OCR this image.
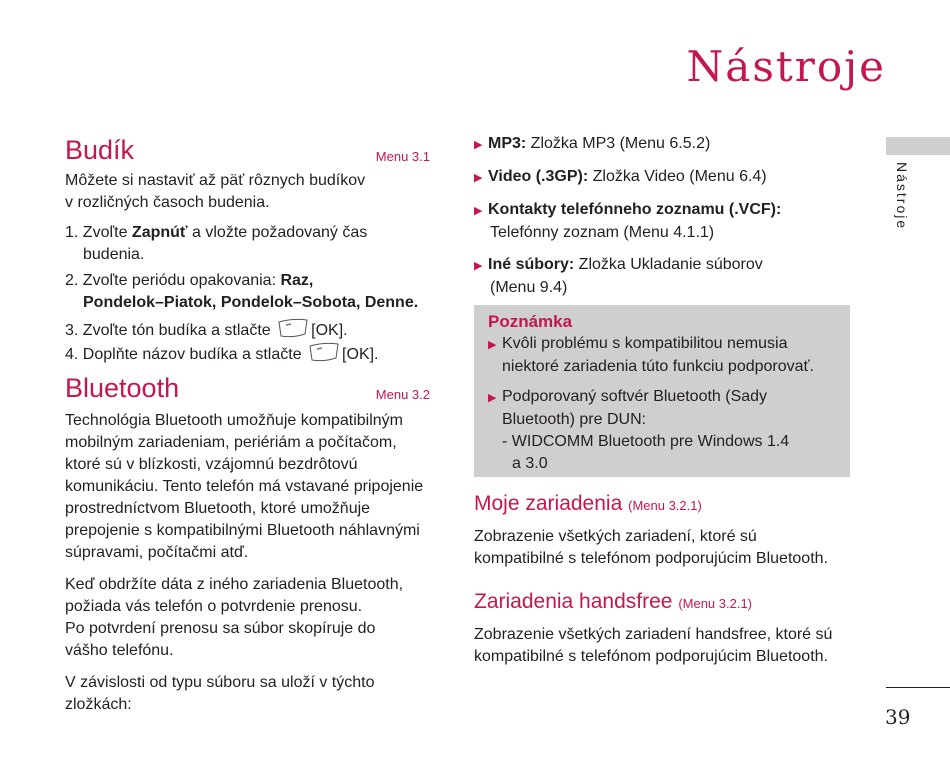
Nástroje
Nástroje
39
Budík	Menu 3.1

Môžete si nastaviť až päť rôznych budíkov

v rozličných časoch budenia.

1. Zvoľte Zapnúť a vložte požadovaný čas

budenia.

2. Zvoľte periódu opakovania: Raz,

Pondelok–Piatok, Pondelok–Sobota, Denne.

3. Zvoľte tón budíka a stlačte	[OK].

4. Doplňte názov budíka a stlačte	[OK].

Bluetooth	Menu 3.2

Technológia Bluetooth umožňuje kompatibilným

mobilným zariadeniam, periériám a počítačom,

ktoré sú v blízkosti, vzájomnú bezdrôtovú

komunikáciu. Tento telefón má vstavané pripojenie

prostredníctvom Bluetooth, ktoré umožňuje

prepojenie s kompatibilnými Bluetooth náhlavnými

súpravami, počítačmi atď.

Keď obdržíte dáta z iného zariadenia Bluetooth,

požiada vás telefón o potvrdenie prenosu.

Po potvrdení prenosu sa súbor skopíruje do

vášho telefónu.

V závislosti od typu súboru sa uloží v týchto

zložkách:

▶ MP3: Zložka MP3 (Menu 6.5.2)

▶ Video (.3GP): Zložka Video (Menu 6.4)

▶ Kontakty telefónneho zoznamu (.VCF):

Telefónny zoznam (Menu 4.1.1)

▶ Iné súbory: Zložka Ukladanie súborov

(Menu 9.4)

Poznámka

▶ Kvôli problému s kompatibilitou nemusia

niektoré zariadenia túto funkciu podporovať.

▶ Podporovaný softvér Bluetooth (Sady

Bluetooth) pre DUN:

- WIDCOMM Bluetooth pre Windows 1.4

a 3.0

Moje zariadenia (Menu 3.2.1)

Zobrazenie všetkých zariadení, ktoré sú

kompatibilné s telefónom podporujúcim Bluetooth.

Zariadenia handsfree (Menu 3.2.1)

Zobrazenie všetkých zariadení handsfree, ktoré sú

kompatibilné s telefónom podporujúcim Bluetooth.
